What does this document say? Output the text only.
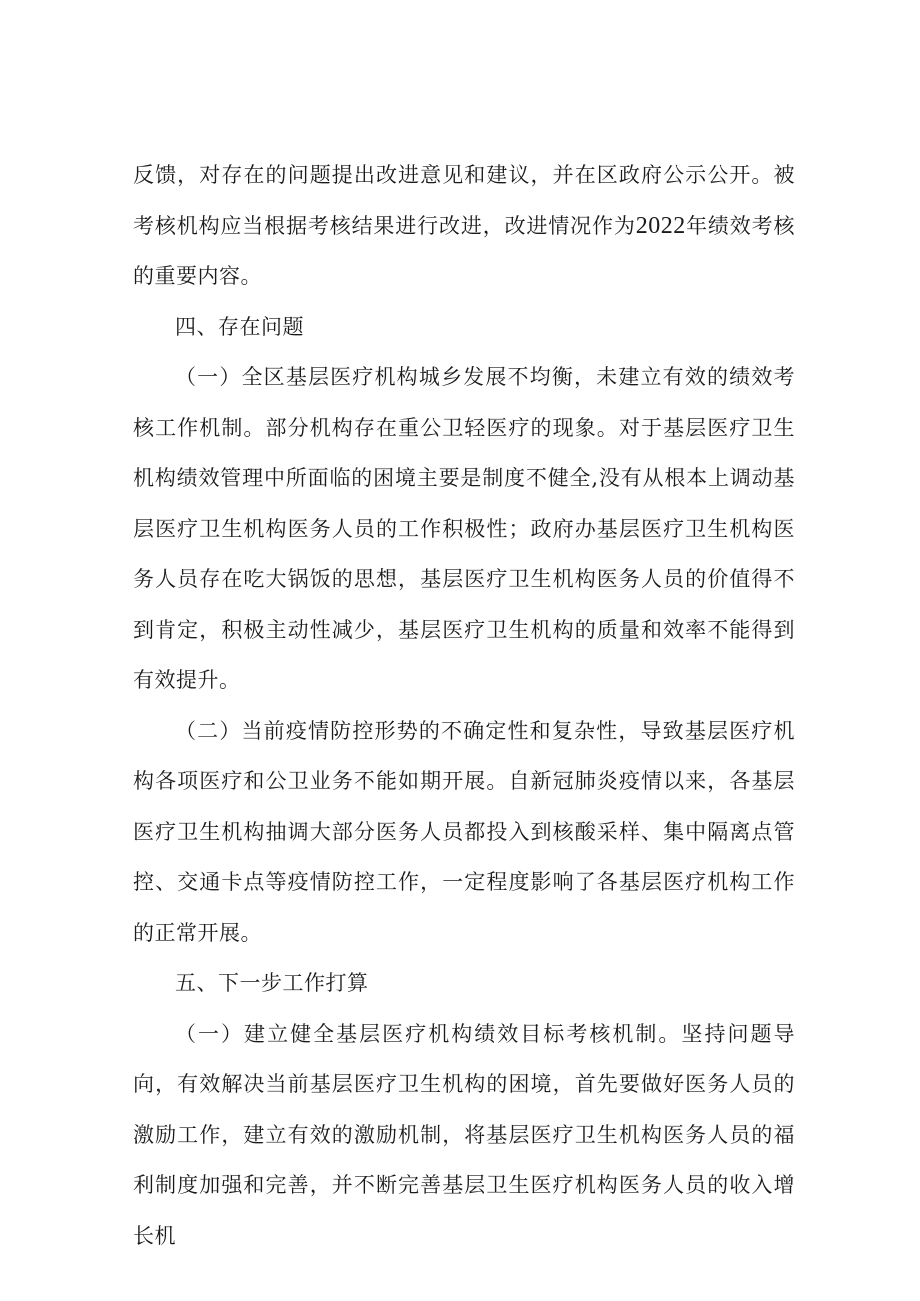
反馈，对存在的问题提出改进意见和建议，并在区政府公示公开。被考核机构应当根据考核结果进行改进，改进情况作为2022年绩效考核的重要内容。

四、存在问题

（一）全区基层医疗机构城乡发展不均衡，未建立有效的绩效考核工作机制。部分机构存在重公卫轻医疗的现象。对于基层医疗卫生机构绩效管理中所面临的困境主要是制度不健全,没有从根本上调动基层医疗卫生机构医务人员的工作积极性；政府办基层医疗卫生机构医务人员存在吃大锅饭的思想，基层医疗卫生机构医务人员的价值得不到肯定，积极主动性减少，基层医疗卫生机构的质量和效率不能得到有效提升。

（二）当前疫情防控形势的不确定性和复杂性，导致基层医疗机构各项医疗和公卫业务不能如期开展。自新冠肺炎疫情以来，各基层医疗卫生机构抽调大部分医务人员都投入到核酸采样、集中隔离点管控、交通卡点等疫情防控工作，一定程度影响了各基层医疗机构工作的正常开展。

五、下一步工作打算

（一）建立健全基层医疗机构绩效目标考核机制。坚持问题导向，有效解决当前基层医疗卫生机构的困境，首先要做好医务人员的激励工作，建立有效的激励机制，将基层医疗卫生机构医务人员的福利制度加强和完善，并不断完善基层卫生医疗机构医务人员的收入增长机
